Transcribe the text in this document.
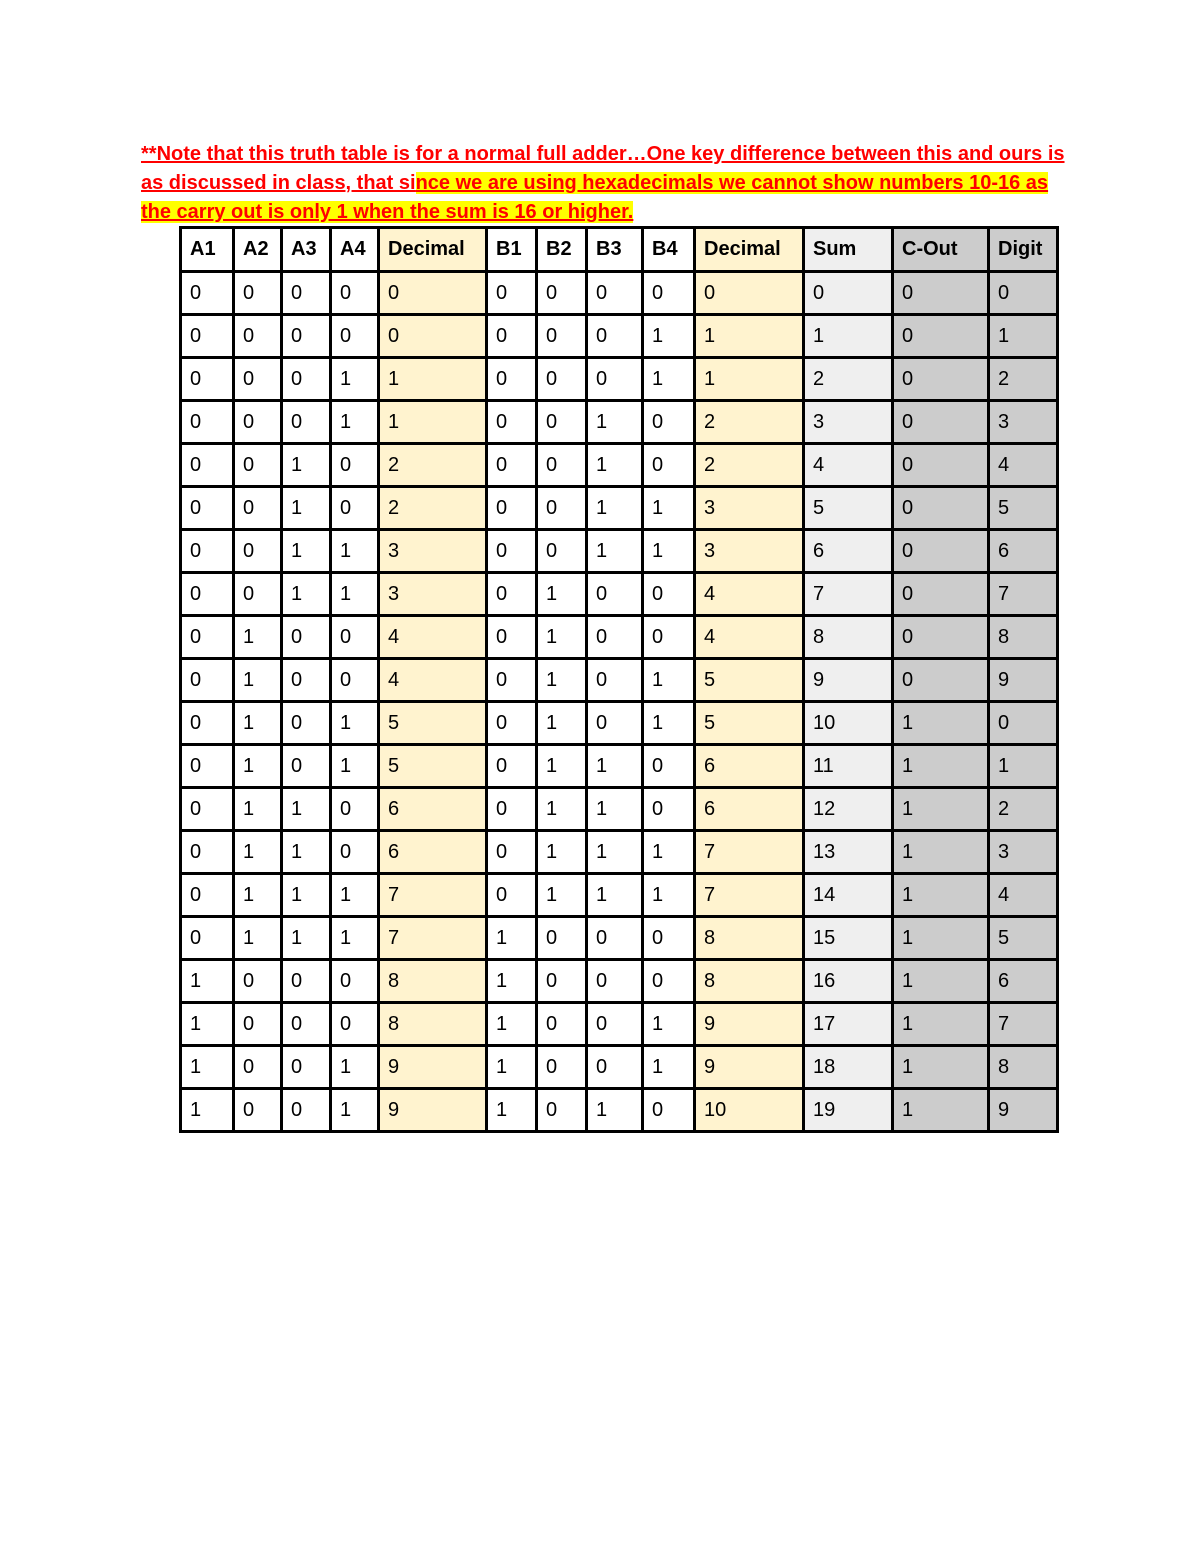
**Note that this truth table is for a normal full adder…One key difference between this and ours is as discussed in class, that since we are using hexadecimals we cannot show numbers 10-16 as the carry out is only 1 when the sum is 16 or higher.
A1	A2	A3	A4	Decimal	B1	B2	B3	B4	Decimal	Sum	C-Out	Digit
0	0	0	0	0	0	0	0	0	0	0	0	0
0	0	0	0	0	0	0	0	1	1	1	0	1
0	0	0	1	1	0	0	0	1	1	2	0	2
0	0	0	1	1	0	0	1	0	2	3	0	3
0	0	1	0	2	0	0	1	0	2	4	0	4
0	0	1	0	2	0	0	1	1	3	5	0	5
0	0	1	1	3	0	0	1	1	3	6	0	6
0	0	1	1	3	0	1	0	0	4	7	0	7
0	1	0	0	4	0	1	0	0	4	8	0	8
0	1	0	0	4	0	1	0	1	5	9	0	9
0	1	0	1	5	0	1	0	1	5	10	1	0
0	1	0	1	5	0	1	1	0	6	11	1	1
0	1	1	0	6	0	1	1	0	6	12	1	2
0	1	1	0	6	0	1	1	1	7	13	1	3
0	1	1	1	7	0	1	1	1	7	14	1	4
0	1	1	1	7	1	0	0	0	8	15	1	5
1	0	0	0	8	1	0	0	0	8	16	1	6
1	0	0	0	8	1	0	0	1	9	17	1	7
1	0	0	1	9	1	0	0	1	9	18	1	8
1	0	0	1	9	1	0	1	0	10	19	1	9
